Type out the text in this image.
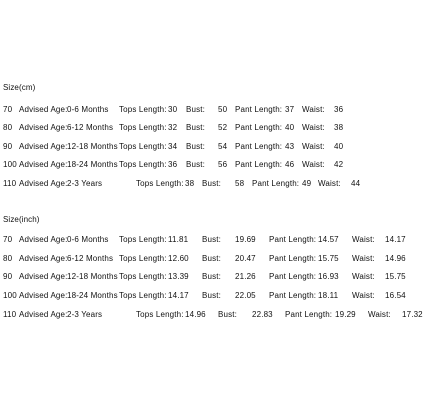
Size(cm)
70 Advised Age: 0-6 Months Tops Length: 30 Bust: 50 Pant Length: 37 Waist: 36
80 Advised Age: 6-12 Months Tops Length: 32 Bust: 52 Pant Length: 40 Waist: 38
90 Advised Age: 12-18 Months Tops Length: 34 Bust: 54 Pant Length: 43 Waist: 40
100 Advised Age: 18-24 Months Tops Length: 36 Bust: 56 Pant Length: 46 Waist: 42
110 Advised Age: 2-3 Years	Tops Length: 38 Bust: 58 Pant Length: 49 Waist: 44
Size(inch)
70 Advised Age: 0-6 Months Tops Length: 11.81 Bust: 19.69 Pant Length: 14.57 Waist: 14.17
80 Advised Age: 6-12 Months Tops Length: 12.60 Bust: 20.47 Pant Length: 15.75 Waist: 14.96
90 Advised Age: 12-18 Months Tops Length: 13.39 Bust: 21.26 Pant Length: 16.93 Waist: 15.75
100 Advised Age: 18-24 Months Tops Length: 14.17 Bust: 22.05 Pant Length: 18.11 Waist: 16.54
110 Advised Age: 2-3 Years	Tops Length: 14.96 Bust: 22.83 Pant Length: 19.29 Waist: 17.32
